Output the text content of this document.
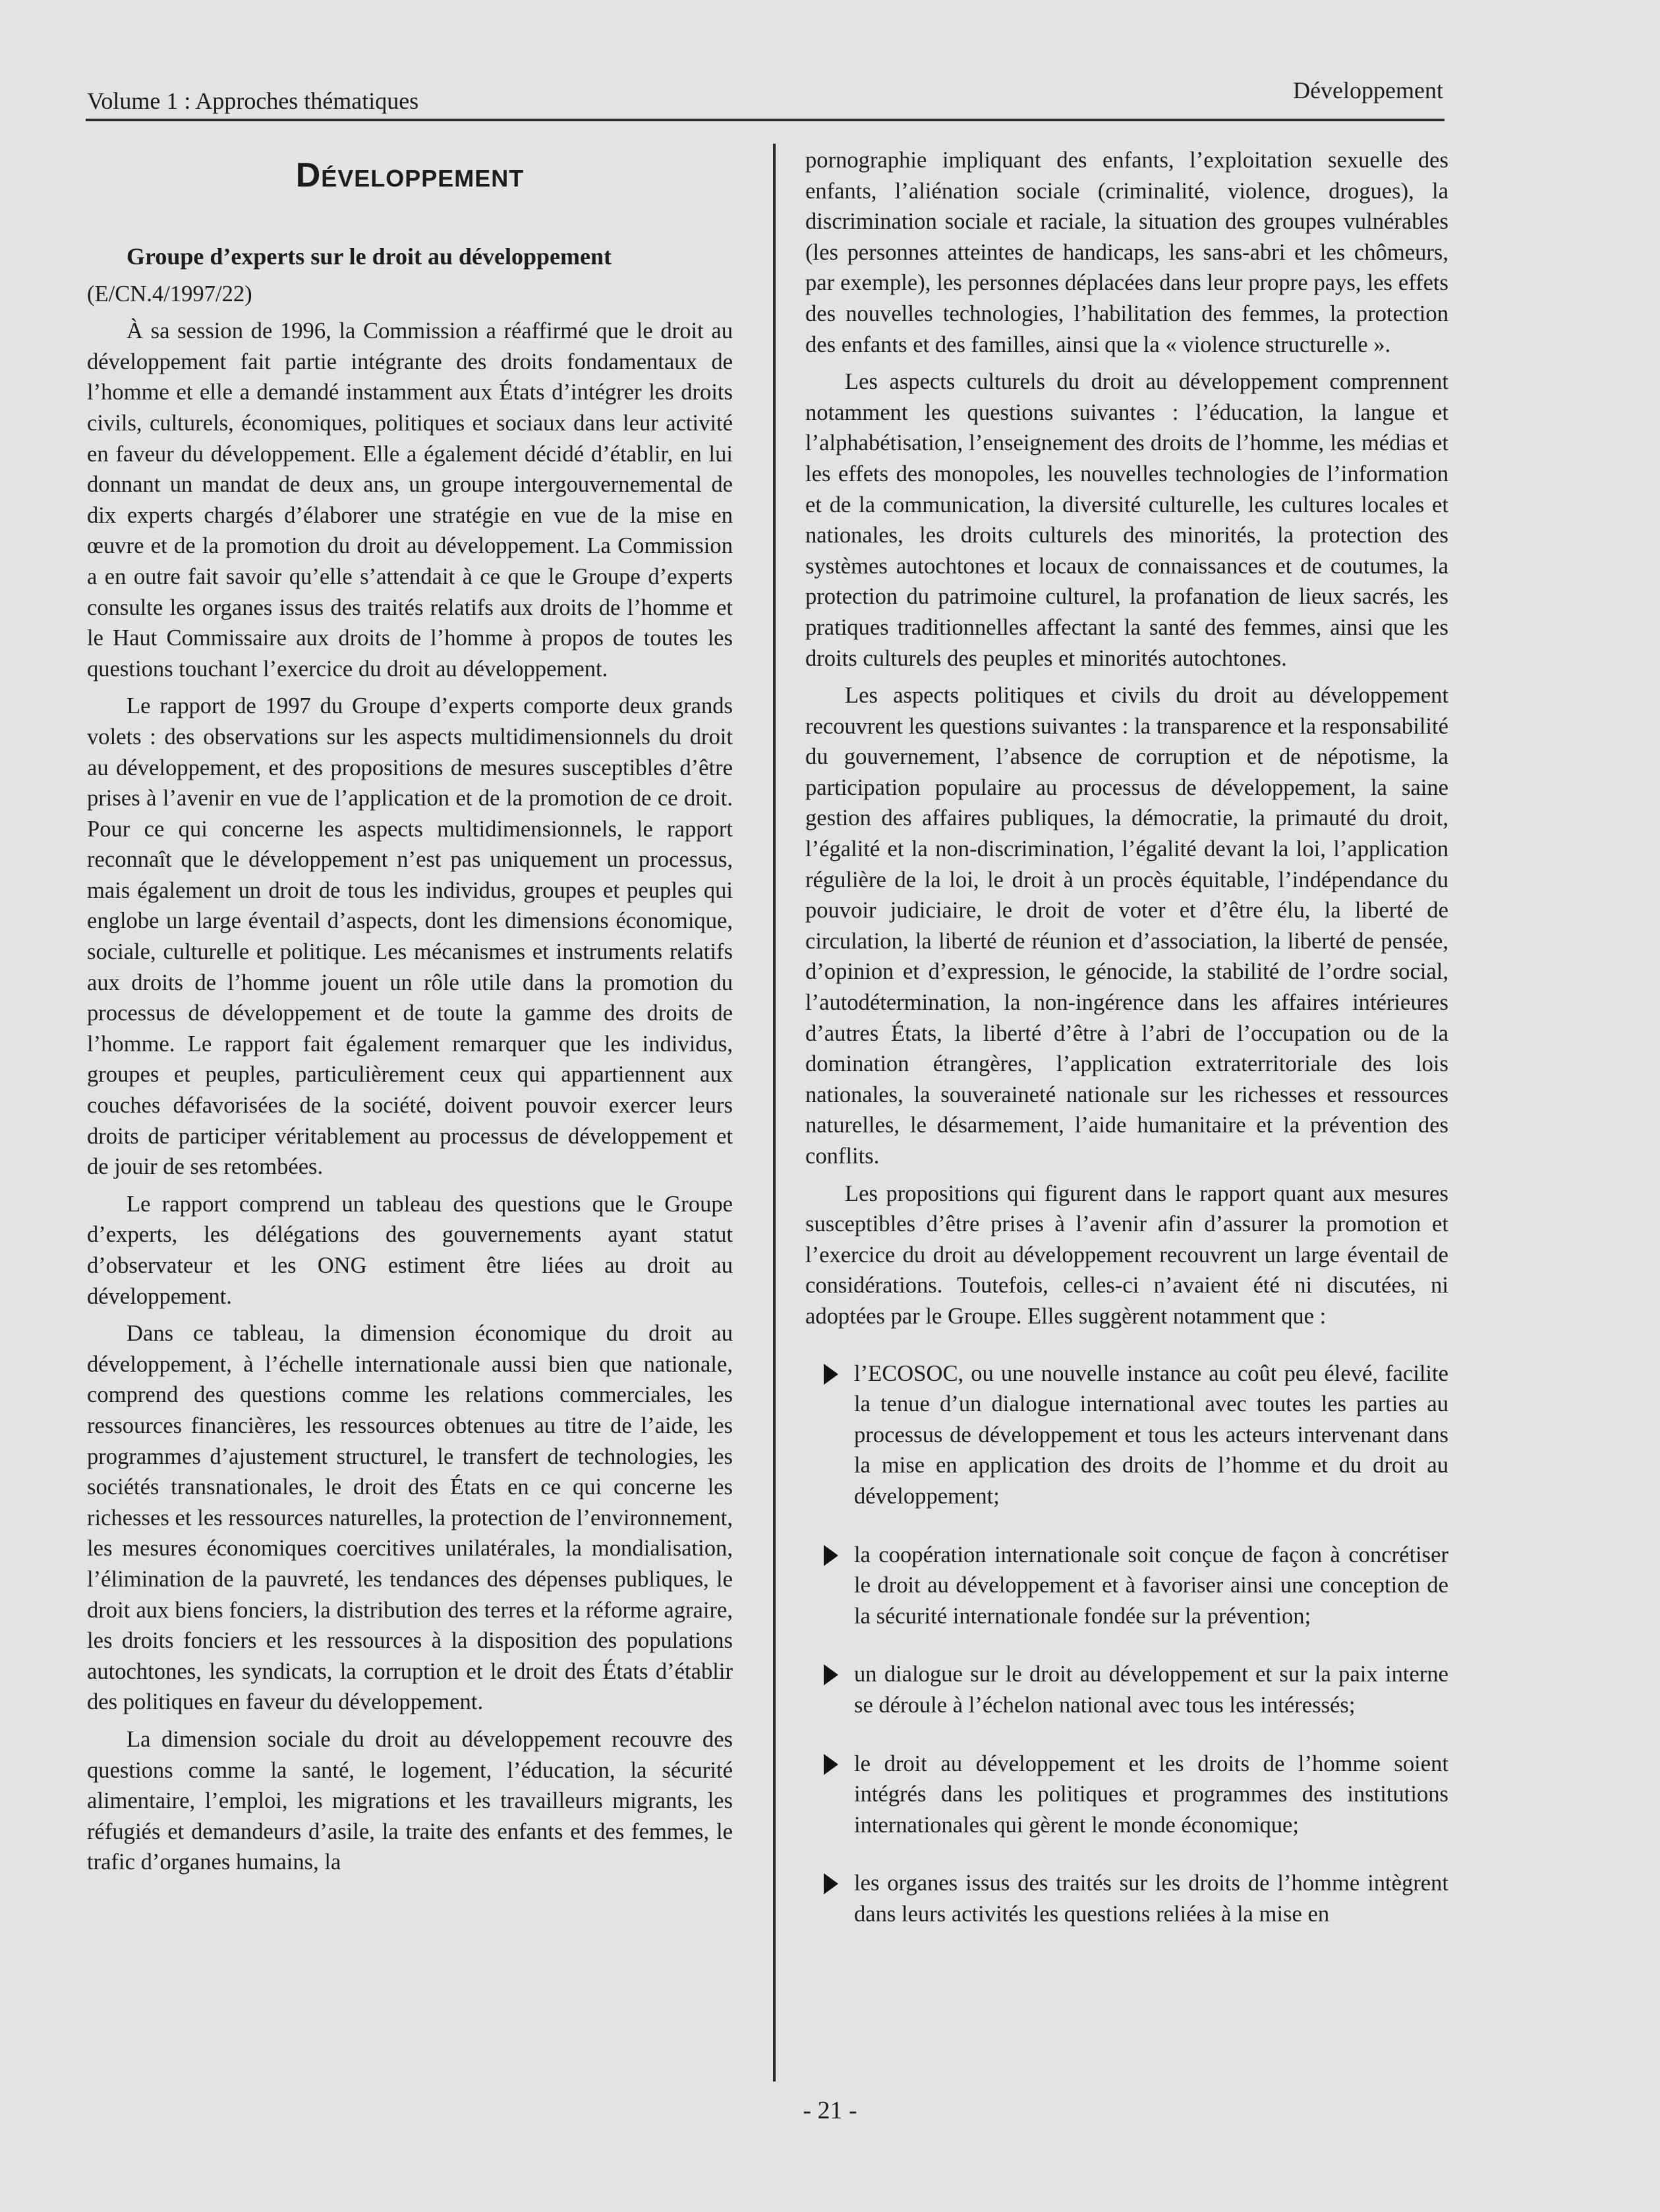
Volume 1 : Approches thématiques	Développement
Développement

Groupe d’experts sur le droit au développement

(E/CN.4/1997/22)

À sa session de 1996, la Commission a réaffirmé que le droit au développement fait partie intégrante des droits fondamentaux de l’homme et elle a demandé instamment aux États d’intégrer les droits civils, culturels, économiques, politiques et sociaux dans leur activité en faveur du développement. Elle a également décidé d’établir, en lui donnant un mandat de deux ans, un groupe intergouvernemental de dix experts chargés d’élaborer une stratégie en vue de la mise en œuvre et de la promotion du droit au développement. La Commission a en outre fait savoir qu’elle s’attendait à ce que le Groupe d’experts consulte les organes issus des traités relatifs aux droits de l’homme et le Haut Commissaire aux droits de l’homme à propos de toutes les questions touchant l’exercice du droit au développement.

Le rapport de 1997 du Groupe d’experts comporte deux grands volets : des observations sur les aspects multidimensionnels du droit au développement, et des propositions de mesures susceptibles d’être prises à l’avenir en vue de l’application et de la promotion de ce droit. Pour ce qui concerne les aspects multidimensionnels, le rapport reconnaît que le développement n’est pas uniquement un processus, mais également un droit de tous les individus, groupes et peuples qui englobe un large éventail d’aspects, dont les dimensions économique, sociale, culturelle et politique. Les mécanismes et instruments relatifs aux droits de l’homme jouent un rôle utile dans la promotion du processus de développement et de toute la gamme des droits de l’homme. Le rapport fait également remarquer que les individus, groupes et peuples, particulièrement ceux qui appartiennent aux couches défavorisées de la société, doivent pouvoir exercer leurs droits de participer véritablement au processus de développement et de jouir de ses retombées.

Le rapport comprend un tableau des questions que le Groupe d’experts, les délégations des gouvernements ayant statut d’observateur et les ONG estiment être liées au droit au développement.

Dans ce tableau, la dimension économique du droit au développement, à l’échelle internationale aussi bien que nationale, comprend des questions comme les relations commerciales, les ressources financières, les ressources obtenues au titre de l’aide, les programmes d’ajustement structurel, le transfert de technologies, les sociétés transnationales, le droit des États en ce qui concerne les richesses et les ressources naturelles, la protection de l’environnement, les mesures économiques coercitives unilatérales, la mondialisation, l’élimination de la pauvreté, les tendances des dépenses publiques, le droit aux biens fonciers, la distribution des terres et la réforme agraire, les droits fonciers et les ressources à la disposition des populations autochtones, les syndicats, la corruption et le droit des États d’établir des politiques en faveur du développement.

La dimension sociale du droit au développement recouvre des questions comme la santé, le logement, l’éducation, la sécurité alimentaire, l’emploi, les migrations et les travailleurs migrants, les réfugiés et demandeurs d’asile, la traite des enfants et des femmes, le trafic d’organes humains, la

pornographie impliquant des enfants, l’exploitation sexuelle des enfants, l’aliénation sociale (criminalité, violence, drogues), la discrimination sociale et raciale, la situation des groupes vulnérables (les personnes atteintes de handicaps, les sans-abri et les chômeurs, par exemple), les personnes déplacées dans leur propre pays, les effets des nouvelles technologies, l’habilitation des femmes, la protection des enfants et des familles, ainsi que la « violence structurelle ».

Les aspects culturels du droit au développement comprennent notamment les questions suivantes : l’éducation, la langue et l’alphabétisation, l’enseignement des droits de l’homme, les médias et les effets des monopoles, les nouvelles technologies de l’information et de la communication, la diversité culturelle, les cultures locales et nationales, les droits culturels des minorités, la protection des systèmes autochtones et locaux de connaissances et de coutumes, la protection du patrimoine culturel, la profanation de lieux sacrés, les pratiques traditionnelles affectant la santé des femmes, ainsi que les droits culturels des peuples et minorités autochtones.

Les aspects politiques et civils du droit au développement recouvrent les questions suivantes : la transparence et la responsabilité du gouvernement, l’absence de corruption et de népotisme, la participation populaire au processus de développement, la saine gestion des affaires publiques, la démocratie, la primauté du droit, l’égalité et la non-discrimination, l’égalité devant la loi, l’application régulière de la loi, le droit à un procès équitable, l’indépendance du pouvoir judiciaire, le droit de voter et d’être élu, la liberté de circulation, la liberté de réunion et d’association, la liberté de pensée, d’opinion et d’expression, le génocide, la stabilité de l’ordre social, l’autodétermination, la non-ingérence dans les affaires intérieures d’autres États, la liberté d’être à l’abri de l’occupation ou de la domination étrangères, l’application extraterritoriale des lois nationales, la souveraineté nationale sur les richesses et ressources naturelles, le désarmement, l’aide humanitaire et la prévention des conflits.

Les propositions qui figurent dans le rapport quant aux mesures susceptibles d’être prises à l’avenir afin d’assurer la promotion et l’exercice du droit au développement recouvrent un large éventail de considérations. Toutefois, celles-ci n’avaient été ni discutées, ni adoptées par le Groupe. Elles suggèrent notamment que :

l’ECOSOC, ou une nouvelle instance au coût peu élevé, facilite la tenue d’un dialogue international avec toutes les parties au processus de développement et tous les acteurs intervenant dans la mise en application des droits de l’homme et du droit au développement;
la coopération internationale soit conçue de façon à concrétiser le droit au développement et à favoriser ainsi une conception de la sécurité internationale fondée sur la prévention;
un dialogue sur le droit au développement et sur la paix interne se déroule à l’échelon national avec tous les intéressés;
le droit au développement et les droits de l’homme soient intégrés dans les politiques et programmes des institutions internationales qui gèrent le monde économique;
les organes issus des traités sur les droits de l’homme intègrent dans leurs activités les questions reliées à la mise en
- 21 -
